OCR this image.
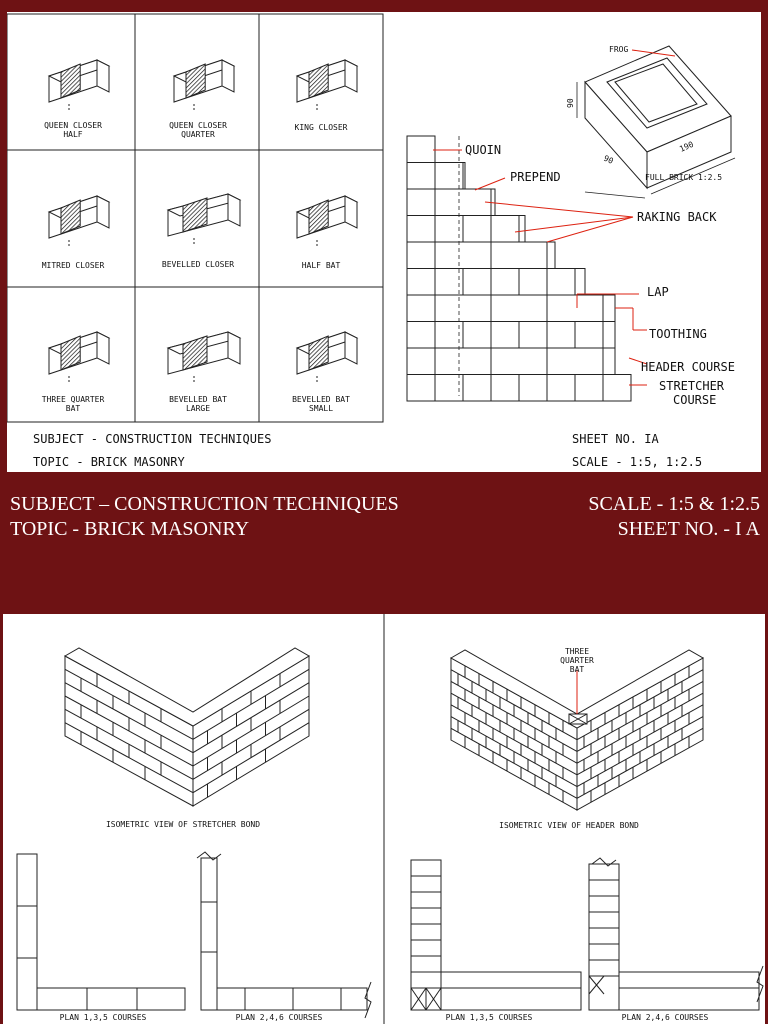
QUEEN CLOSER
HALF
QUEEN CLOSER
QUARTER
KING CLOSER
MITRED CLOSER	BEVELLED CLOSER	HALF BAT
THREE QUARTER
BAT
BEVELLED BAT
LARGE
BEVELLED BAT
SMALL
FROG
90
90
190
FULL BRICK 1:2.5
QUOIN
PREPEND
RAKING BACK
LAP
TOOTHING
HEADER COURSE
STRETCHER
COURSE
SUBJECT - CONSTRUCTION TECHNIQUES
TOPIC - BRICK MASONRY
SHEET NO. IA
SCALE - 1:5, 1:2.5
SUBJECT – CONSTRUCTION TECHNIQUES
TOPIC - BRICK MASONRY
SCALE - 1:5 & 1:2.5
SHEET NO. - I A
ISOMETRIC VIEW OF STRETCHER BOND
THREE
QUARTER
BAT
ISOMETRIC VIEW OF HEADER BOND
PLAN 1,3,5 COURSES	PLAN 2,4,6 COURSES	PLAN 1,3,5 COURSES	PLAN 2,4,6 COURSES
